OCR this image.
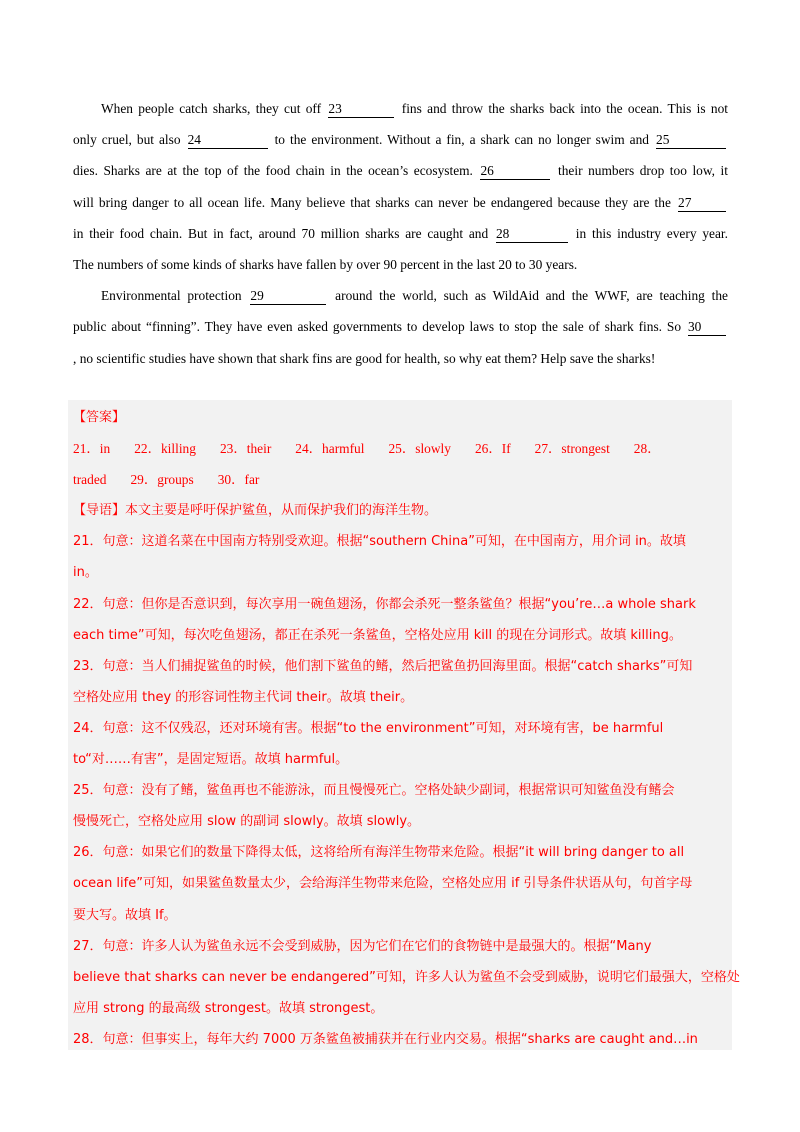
When people catch sharks, they cut off 23	fins and throw the sharks back into the ocean. This is not
only cruel, but also 24	to the environment. Without a fin, a shark can no longer swim and 25
dies. Sharks are at the top of the food chain in the ocean’s ecosystem. 26	their numbers drop too low, it
will bring danger to all ocean life. Many believe that sharks can never be endangered because they are the 27
in their food chain. But in fact, around 70 million sharks are caught and 28	in this industry every year.
The numbers of some kinds of sharks have fallen by over 90 percent in the last 20 to 30 years.
Environmental protection 29	around the world, such as WildAid and the WWF, are teaching the
public about “finning”. They have even asked governments to develop laws to stop the sale of shark fins. So 30
, no scientific studies have shown that shark fins are good for health, so why eat them? Help save the sharks!
【答案】
21．in 22．killing 23．their 24．harmful 25．slowly 26．If 27．strongest 28．
traded 29．groups 30．far
【导语】本文主要是呼吁保护鲨鱼，从而保护我们的海洋生物。
21．句意：这道名菜在中国南方特别受欢迎。根据“southern China”可知，在中国南方，用介词 in。故填
in。
22．句意：但你是否意识到，每次享用一碗鱼翅汤，你都会杀死一整条鲨鱼？根据“you’re…a whole shark
each time”可知，每次吃鱼翅汤，都正在杀死一条鲨鱼，空格处应用 kill 的现在分词形式。故填 killing。
23．句意：当人们捕捉鲨鱼的时候，他们割下鲨鱼的鳍，然后把鲨鱼扔回海里面。根据“catch sharks”可知
空格处应用 they 的形容词性物主代词 their。故填 their。
24．句意：这不仅残忍，还对环境有害。根据“to the environment”可知，对环境有害，be harmful
to“对……有害”，是固定短语。故填 harmful。
25．句意：没有了鳍，鲨鱼再也不能游泳，而且慢慢死亡。空格处缺少副词，根据常识可知鲨鱼没有鳍会
慢慢死亡，空格处应用 slow 的副词 slowly。故填 slowly。
26．句意：如果它们的数量下降得太低，这将给所有海洋生物带来危险。根据“it will bring danger to all
ocean life”可知，如果鲨鱼数量太少，会给海洋生物带来危险，空格处应用 if 引导条件状语从句，句首字母
要大写。故填 If。
27．句意：许多人认为鲨鱼永远不会受到威胁，因为它们在它们的食物链中是最强大的。根据“Many
believe that sharks can never be endangered”可知，许多人认为鲨鱼不会受到威胁，说明它们最强大，空格处
应用 strong 的最高级 strongest。故填 strongest。
28．句意：但事实上，每年大约 7000 万条鲨鱼被捕获并在行业内交易。根据“sharks are caught and…in
